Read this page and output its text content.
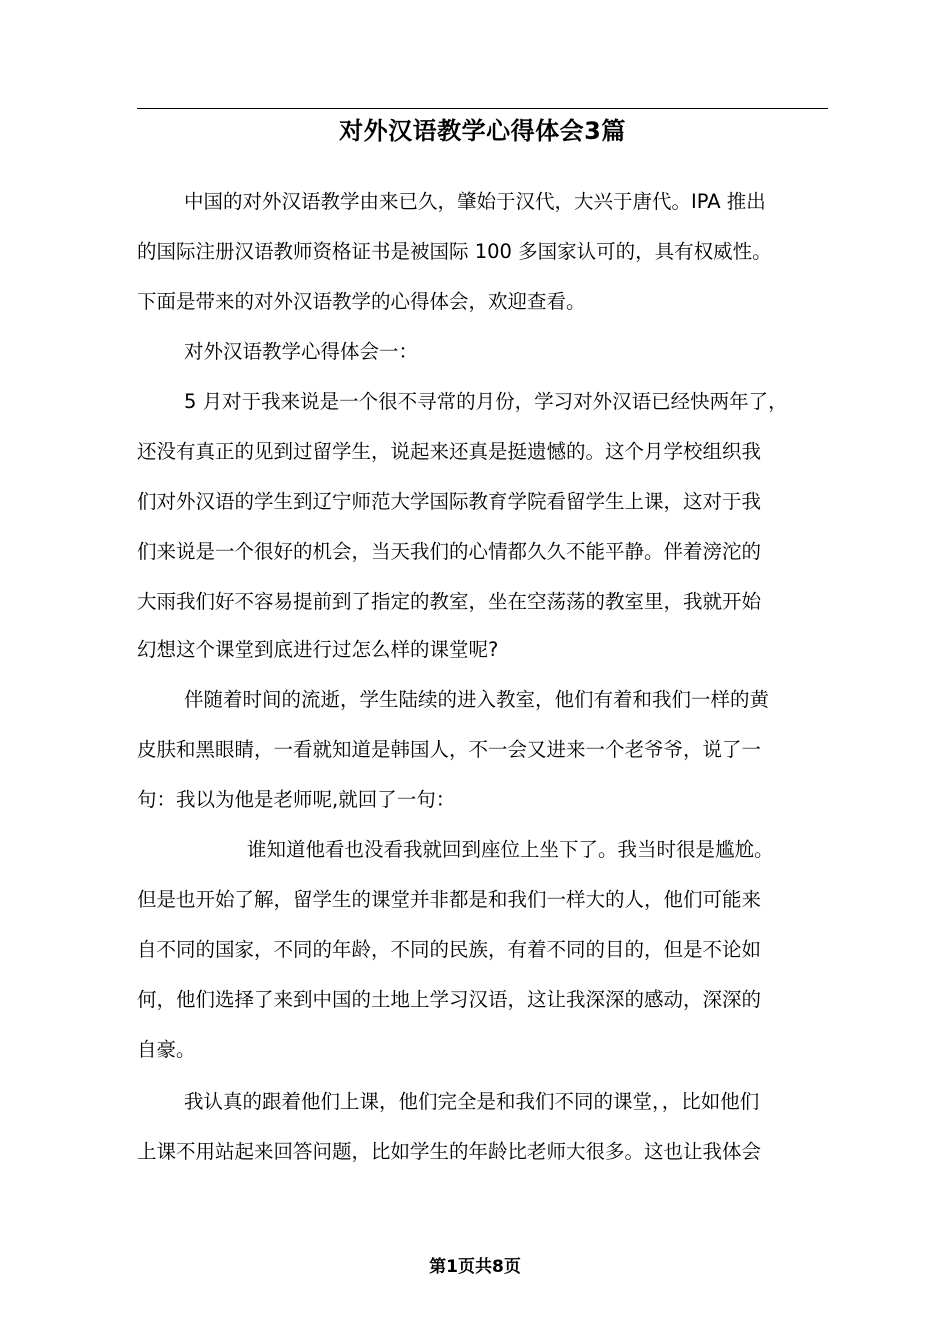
对外汉语教学心得体会3篇
中国的对外汉语教学由来已久，肇始于汉代，大兴于唐代。IPA 推出
的国际注册汉语教师资格证书是被国际 100 多国家认可的，具有权威性。
下面是带来的对外汉语教学的心得体会，欢迎查看。
对外汉语教学心得体会一：
5 月对于我来说是一个很不寻常的月份，学习对外汉语已经快两年了，
还没有真正的见到过留学生，说起来还真是挺遗憾的。这个月学校组织我
们对外汉语的学生到辽宁师范大学国际教育学院看留学生上课，这对于我
们来说是一个很好的机会，当天我们的心情都久久不能平静。伴着滂沱的
大雨我们好不容易提前到了指定的教室，坐在空荡荡的教室里，我就开始
幻想这个课堂到底进行过怎么样的课堂呢?
伴随着时间的流逝，学生陆续的进入教室，他们有着和我们一样的黄
皮肤和黑眼睛，一看就知道是韩国人，不一会又进来一个老爷爷，说了一
句：我以为他是老师呢,就回了一句：
谁知道他看也没看我就回到座位上坐下了。我当时很是尴尬。
但是也开始了解，留学生的课堂并非都是和我们一样大的人，他们可能来
自不同的国家，不同的年龄，不同的民族，有着不同的目的，但是不论如
何，他们选择了来到中国的土地上学习汉语，这让我深深的感动，深深的
自豪。
我认真的跟着他们上课，他们完全是和我们不同的课堂，，比如他们
上课不用站起来回答问题，比如学生的年龄比老师大很多。这也让我体会
第1页共8页
